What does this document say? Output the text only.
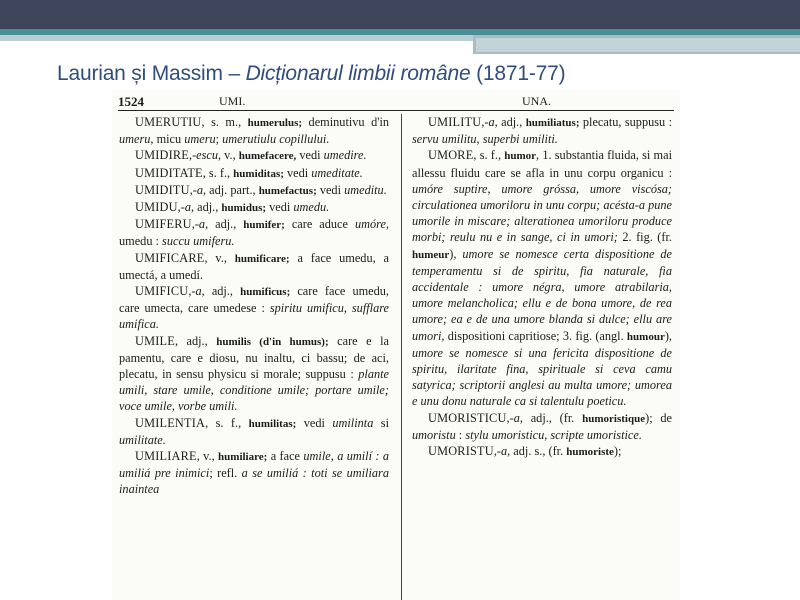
Laurian și Massim – Dicționarul limbii române (1871-77)
1524	UMI.	UNA.

UMERUTIU, s. m., humerulus; deminutivu d'in umeru, micu umeru; umerutiulu copillului.

UMIDIRE,-escu, v., humefacere, vedi umedire.

UMIDITATE, s. f., humiditas; vedi umeditate.

UMIDITU,-a, adj. part., humefactus; vedi umeditu.

UMIDU,-a, adj., humidus; vedi umedu.

UMIFERU,-a, adj., humifer; care aduce umóre, umedu : succu umiferu.

UMIFICARE, v., humificare; a face umedu, a umectá, a umedí.

UMIFICU,-a, adj., humificus; care face umedu, care umecta, care umedese : spiritu umificu, sufflare umifica.

UMILE, adj., humilis (d'in humus); care e la pamentu, care e diosu, nu inaltu, ci bassu; de aci, plecatu, in sensu physicu si morale; suppusu : plante umili, stare umile, conditione umile; portare umile; voce umile, vorbe umili.

UMILENTIA, s. f., humilitas; vedi umilinta si umilitate.

UMILIARE, v., humiliare; a face umile, a umilí : a umiliá pre inimici; refl. a se umiliá : toti se umiliara inaintea

UMILITU,-a, adj., humiliatus; plecatu, suppusu : servu umilitu, superbi umiliti.

UMORE, s. f., humor, 1. substantia fluida, si mai allessu fluidu care se afla in unu corpu organicu : umóre suptire, umore gróssa, umore viscósa; circulationea umoriloru in unu corpu; acésta-a pune umorile in miscare; alterationea umoriloru produce morbi; reulu nu e in sange, ci in umori; 2. fig. (fr. humeur), umore se nomesce certa dispositione de temperamentu si de spiritu, fia naturale, fia accidentale : umore négra, umore atrabilaria, umore melancholica; ellu e de bona umore, de rea umore; ea e de una umore blanda si dulce; ellu are umori, dispositioni capritiose; 3. fig. (angl. humour), umore se nomesce si una fericita dispositione de spiritu, ilaritate fina, spirituale si ceva camu satyrica; scriptorii anglesi au multa umore; umorea e unu donu naturale ca si talentulu poeticu.

UMORISTICU,-a, adj., (fr. humoristique); de umoristu : stylu umoristicu, scripte umoristice.

UMORISTU,-a, adj. s., (fr. humoriste);
